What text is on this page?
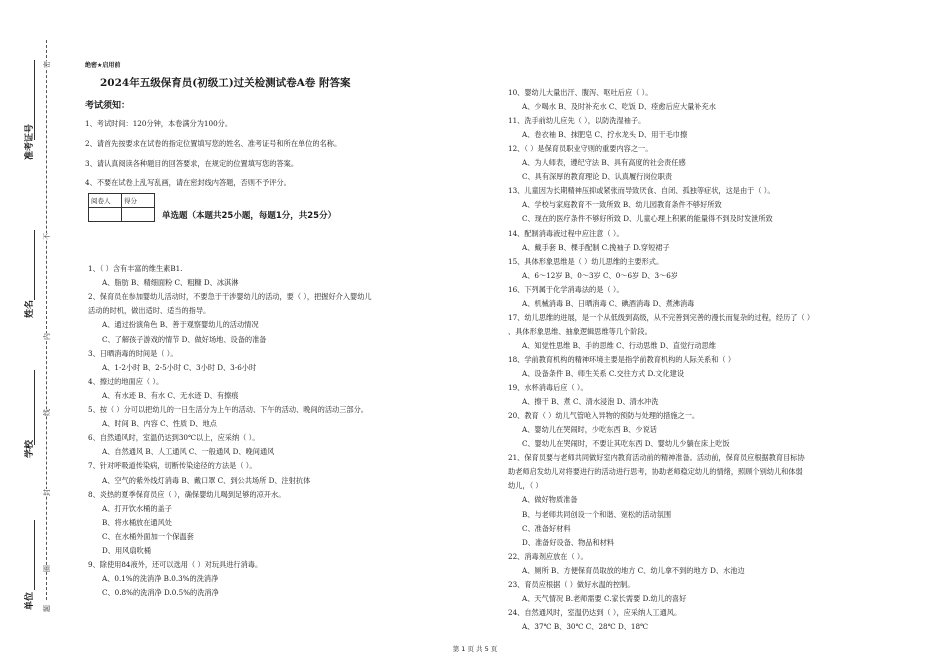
准考证号
姓名
学校
单位
密
不
内
线
封
圈
题
绝密★启用前
2024年五级保育员(初级工)过关检测试卷A卷 附答案
考试须知：
1、考试时间：120分钟，本卷满分为100分。
2、请首先按要求在试卷的指定位置填写您的姓名、准考证号和所在单位的名称。
3、请认真阅读各种题目的回答要求，在规定的位置填写您的答案。
4、不要在试卷上乱写乱画，请在密封线内答题，否则不予评分。
阅卷人	得分

单选题（本题共25小题，每题1分，共25分）
1、（ ）含有丰富的维生素B1.
A、脂肪 B、精细面粉 C、粗糠 D、冰淇淋
2、保育员在参加婴幼儿活动时，不要急于干涉婴幼儿的活动，要（ ），把握好介入婴幼儿
活动的时机，做出适时、适当的指导。
A、通过扮演角色 B、善于观察婴幼儿的活动情况
C、了解孩子游戏的情节 D、做好场地、设备的准备
3、日晒消毒的时间是（ ）。
A、1-2小时 B、2-5小时 C、3小时 D、3-6小时
4、擦过的地面应（ ）。
A、有水迹 B、有水 C、无水迹 D、有擦痕
5、按（ ）分可以把幼儿的一日生活分为上午的活动、下午的活动、晚间的活动三部分。
A、时间 B、内容 C、性质 D、地点
6、自然通风时，室温仍达到30℃以上，应采纳（ ）。
A、自然通风 B、人工通风 C、一般通风 D、晚间通风
7、针对呼吸道传染病，切断传染途径的方法是（ ）。
A、空气的紫外线灯消毒 B、戴口罩 C、到公共场所 D、注射抗体
8、炎热的夏季保育员应（ ），确保婴幼儿喝到足够的凉开水。
A、打开饮水桶的盖子
B、将水桶放在通风处
C、在水桶外面加一个保温套
D、用风扇吹桶
9、除使用84液外，还可以选用（ ）对玩具进行消毒。
A、0.1%的洗消净 B.0.3%的洗消净
C、0.8%的洗消净 D.0.5%的洗消净
10、婴幼儿大量出汗、腹泻、呕吐后应（ ）。
A、少喝水 B、及时补充水 C、吃饭 D、痊愈后应大量补充水
11、洗手前幼儿应先（ ），以防洗湿袖子。
A、卷衣袖 B、抹肥皂 C、拧水龙头 D、用干毛巾擦
12、（ ）是保育员职业守则的重要内容之一。
A、为人师表，遵纪守法 B、具有高度的社会责任感
C、具有深厚的教育理论 D、认真履行岗位职责
13、儿童因为长期精神压抑或紧张而导致厌食、自闭、孤独等症状，这是由于（ ）。
A、学校与家庭教育不一致所致 B、幼儿园教育条件不够好所致
C、现在的医疗条件不够好所致 D、儿童心理上积累的能量得不到及时发泄所致
14、配制消毒液过程中应注意（ ）。
A、戴手套 B、棵手配制 C.挽袖子 D.穿短裙子
15、具体形象思维是（ ）幼儿思维的主要形式。
A、6～12岁 B、0～3岁 C、0～6岁 D、3～6岁
16、下列属于化学消毒法的是（ ）。
A、机械消毒 B、日晒消毒 C、碘酒消毒 D、煮沸消毒
17、幼儿思维的进展，是一个从低级到高级，从不完善到完善的漫长而复杂的过程，经历了（ ）
、具体形象思维、抽象逻辑思维等几个阶段。
A、知觉性思维 B、手的思维 C、行动思维 D、直觉行动思维
18、学前教育机构的精神环境主要是指学前教育机构的人际关系和（ ）
A、设备条件 B、师生关系 C.交往方式 D.文化建设
19、水杯消毒后应（ ）。
A、擦干 B、煮 C、清水浸泡 D、清水冲洗
20、教育（ ）幼儿气管呛入异物的预防与处理的措施之一。
A、婴幼儿在哭闹时，少吃东西 B、少说话
C、婴幼儿在哭闹时，不要让其吃东西 D、婴幼儿少躺在床上吃饭
21、保育员要与老师共同做好室内教育活动前的精神准备。活动前，保育员应根据教育目标协
助老师启发幼儿对将要进行的活动进行思考，协助老师稳定幼儿的情绪，照顾个别幼儿和体弱
幼儿，（ ）
A、做好物质准备
B、与老师共同创设一个和谐、宽松的活动氛围
C、准备好材料
D、准备好设备、物品和材料
22、消毒剂应放在（ ）。
A、厕所 B、方便保育员取放的地方 C、幼儿拿不到的地方 D、水池边
23、育员应根据（ ）做好水温的控制。
A、天气情况 B.老师需要 C.家长需要 D.幼儿的喜好
24、自然通风时，室温仍达到（ ），应采纳人工通风。
A、37℃ B、30℃ C、28℃ D、18℃
第 1 页 共 5 页
